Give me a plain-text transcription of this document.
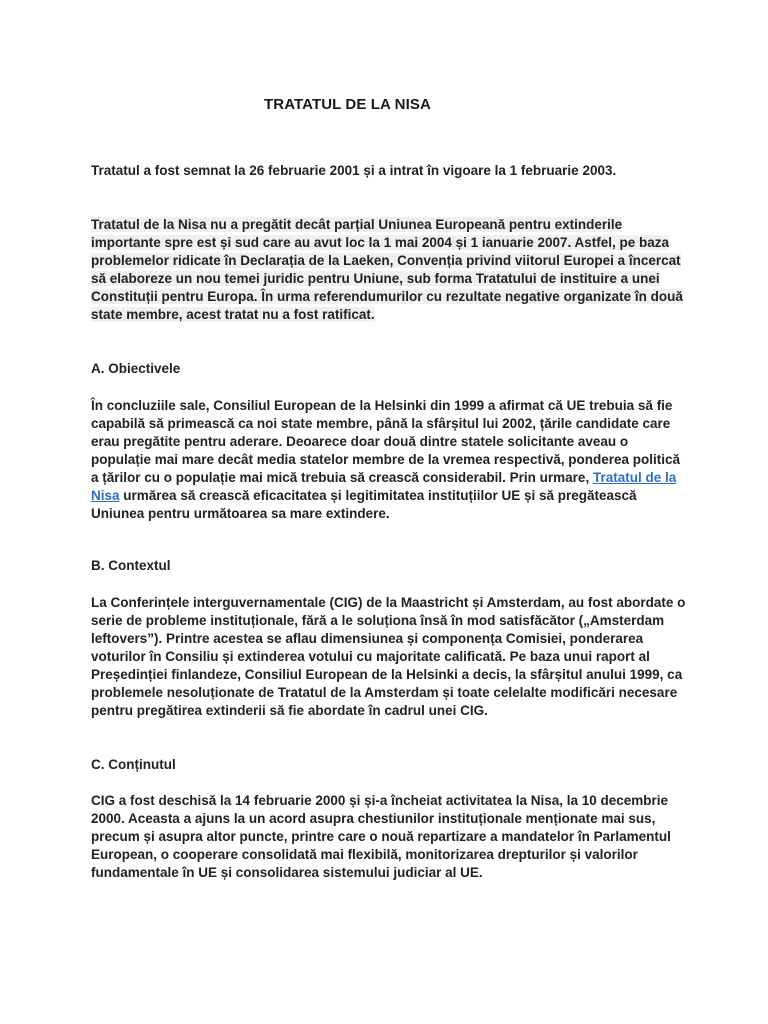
TRATATUL DE LA NISA

Tratatul a fost semnat la 26 februarie 2001 și a intrat în vigoare la 1 februarie 2003.

Tratatul de la Nisa nu a pregătit decât parțial Uniunea Europeană pentru extinderile importante spre est și sud care au avut loc la 1 mai 2004 și 1 ianuarie 2007. Astfel, pe baza problemelor ridicate în Declarația de la Laeken, Convenția privind viitorul Europei a încercat să elaboreze un nou temei juridic pentru Uniune, sub forma Tratatului de instituire a unei Constituții pentru Europa. În urma referendumurilor cu rezultate negative organizate în două state membre, acest tratat nu a fost ratificat.

A. Obiectivele

În concluziile sale, Consiliul European de la Helsinki din 1999 a afirmat că UE trebuia să fie capabilă să primească ca noi state membre, până la sfârșitul lui 2002, țările candidate care erau pregătite pentru aderare. Deoarece doar două dintre statele solicitante aveau o populație mai mare decât media statelor membre de la vremea respectivă, ponderea politică a țărilor cu o populație mai mică trebuia să crească considerabil. Prin urmare, Tratatul de la Nisa urmărea să crească eficacitatea și legitimitatea instituțiilor UE și să pregătească Uniunea pentru următoarea sa mare extindere.

B. Contextul

La Conferințele interguvernamentale (CIG) de la Maastricht și Amsterdam, au fost abordate o serie de probleme instituționale, fără a le soluționa însă în mod satisfăcător („Amsterdam leftovers”). Printre acestea se aflau dimensiunea și componența Comisiei, ponderarea voturilor în Consiliu și extinderea votului cu majoritate calificată. Pe baza unui raport al Președinției finlandeze, Consiliul European de la Helsinki a decis, la sfârșitul anului 1999, ca problemele nesoluționate de Tratatul de la Amsterdam și toate celelalte modificări necesare pentru pregătirea extinderii să fie abordate în cadrul unei CIG.

C. Conținutul

CIG a fost deschisă la 14 februarie 2000 și și-a încheiat activitatea la Nisa, la 10 decembrie 2000. Aceasta a ajuns la un acord asupra chestiunilor instituționale menționate mai sus, precum și asupra altor puncte, printre care o nouă repartizare a mandatelor în Parlamentul European, o cooperare consolidată mai flexibilă, monitorizarea drepturilor și valorilor fundamentale în UE și consolidarea sistemului judiciar al UE.
